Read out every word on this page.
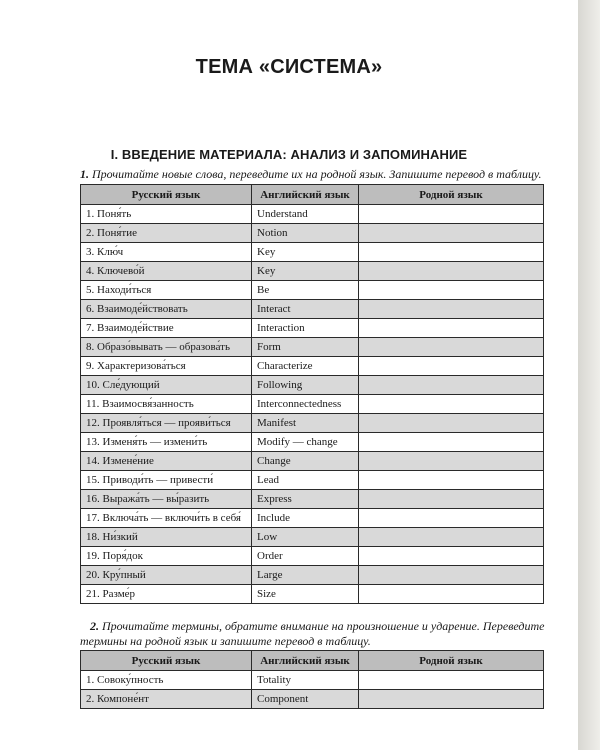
ТЕМА «СИСТЕМА»
I. ВВЕДЕНИЕ МАТЕРИАЛА: АНАЛИЗ И ЗАПОМИНАНИЕ
1. Прочитайте новые слова, переведите их на родной язык. Запишите перевод в таблицу.
Русский язык	Английский язык	Родной язык
1. Поня́ть	Understand	
2. Поня́тие	Notion	
3. Клю́ч	Key	
4. Ключево́й	Key	
5. Находи́ться	Be	
6. Взаимоде́йствовать	Interact	
7. Взаимоде́йствие	Interaction	
8. Образо́вывать — образова́ть	Form	
9. Характеризова́ться	Characterize	
10. Сле́дующий	Following	
11. Взаимосвя́занность	Interconnectedness	
12. Проявля́ться — прояви́ться	Manifest	
13. Изменя́ть — измени́ть	Modify — change	
14. Измене́ние	Change	
15. Приводи́ть — привести́	Lead	
16. Выража́ть — вы́разить	Express	
17. Включа́ть — включи́ть в себя́	Include	
18. Ни́зкий	Low	
19. Поря́док	Order	
20. Кру́пный	Large	
21. Разме́р	Size	
2. Прочитайте термины, обратите внимание на произношение и ударение. Переведите термины на родной язык и запишите перевод в таблицу.
Русский язык	Английский язык	Родной язык
1. Совоку́пность	Totality	
2. Компоне́нт	Component	
